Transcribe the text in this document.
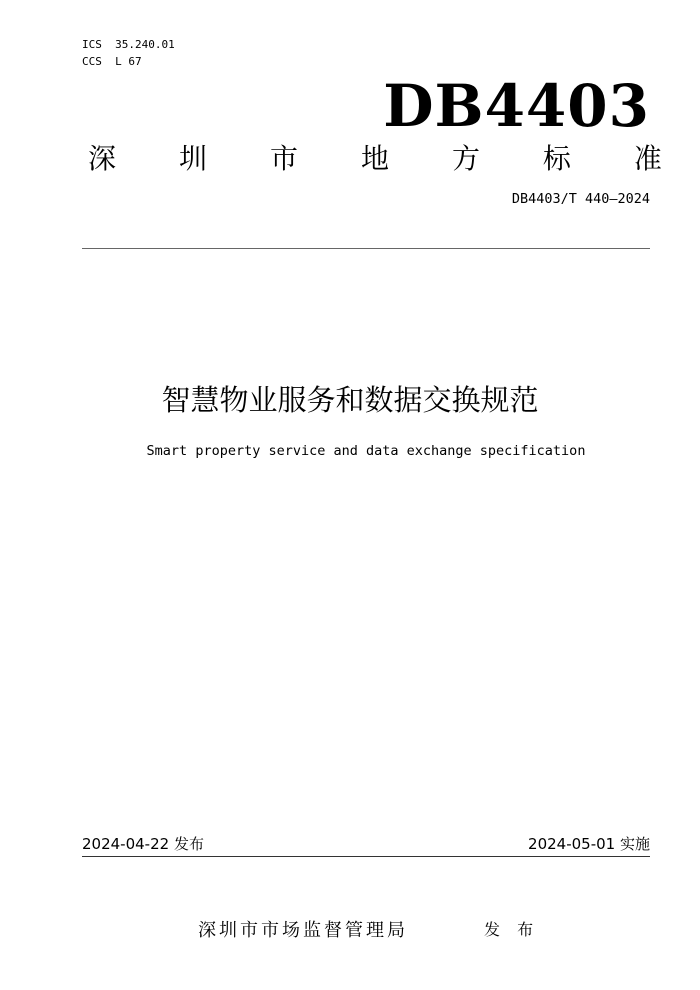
ICS  35.240.01
CCS  L 67
DB4403
深 圳 市 地 方 标 准
DB4403/T 440—2024
智慧物业服务和数据交换规范
Smart property service and data exchange specification
2024-04-22 发布	2024-05-01 实施
深圳市市场监督管理局	发 布
